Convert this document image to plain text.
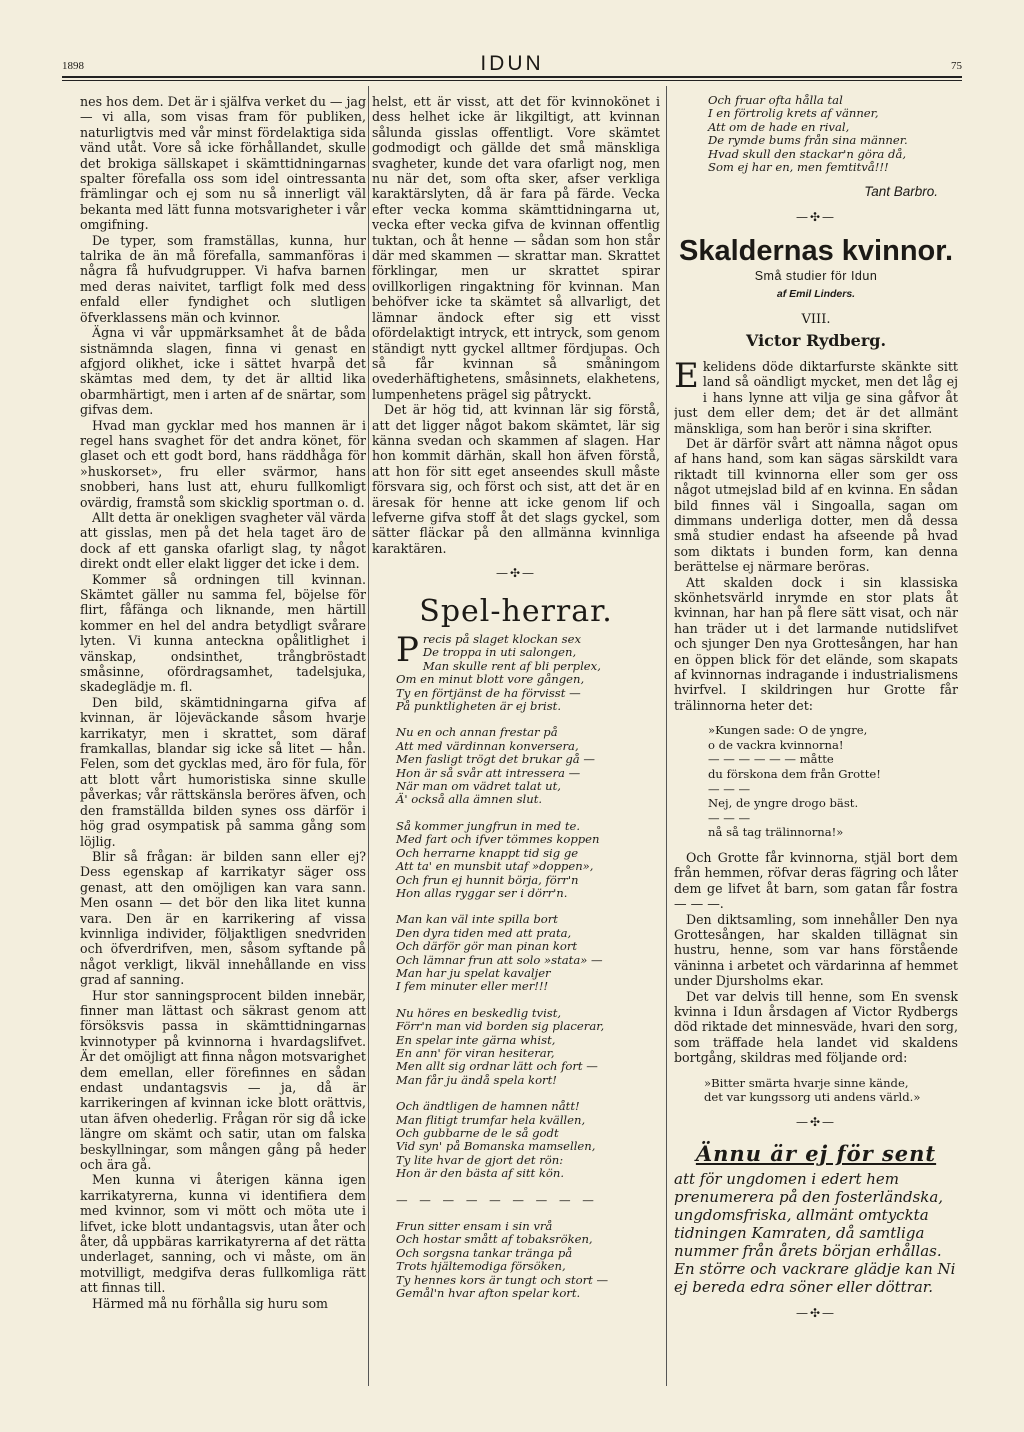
1898	IDUN	75

nes hos dem. Det är i själfva verket du — jag — vi alla, som visas fram för publiken, naturligtvis med vår minst fördelaktiga sida vänd utåt. Vore så icke förhållandet, skulle det brokiga sällskapet i skämttidningarnas spalter förefalla oss som idel ointressanta främlingar och ej som nu så innerligt väl bekanta med lätt funna motsvarigheter i vår omgifning.

De typer, som framställas, kunna, hur talrika de än må förefalla, sammanföras i några få hufvudgrupper. Vi hafva barnen med deras naivitet, tarfligt folk med dess enfald eller fyndighet och slutligen öfverklassens män och kvinnor.

Ägna vi vår uppmärksamhet åt de båda sistnämnda slagen, finna vi genast en afgjord olikhet, icke i sättet hvarpå det skämtas med dem, ty det är alltid lika obarmhärtigt, men i arten af de snärtar, som gifvas dem.

Hvad man gycklar med hos mannen är i regel hans svaghet för det andra könet, för glaset och ett godt bord, hans räddhåga för »huskorset», fru eller svärmor, hans snobberi, hans lust att, ehuru fullkomligt ovärdig, framstå som skicklig sportman o. d.

Allt detta är onekligen svagheter väl värda att gisslas, men på det hela taget äro de dock af ett ganska ofarligt slag, ty något direkt ondt eller elakt ligger det icke i dem.

Kommer så ordningen till kvinnan. Skämtet gäller nu samma fel, böjelse för flirt, fåfänga och liknande, men härtill kommer en hel del andra betydligt svårare lyten. Vi kunna anteckna opålitlighet i vänskap, ondsinthet, trångbröstadt småsinne, ofördragsamhet, tadelsjuka, skadeglädje m. fl.

Den bild, skämtidningarna gifva af kvinnan, är löjeväckande såsom hvarje karrikatyr, men i skrattet, som däraf framkallas, blandar sig icke så litet — hån. Felen, som det gycklas med, äro för fula, för att blott vårt humoristiska sinne skulle påverkas; vår rättskänsla beröres äfven, och den framställda bilden synes oss därför i hög grad osympatisk på samma gång som löjlig.

Blir så frågan: är bilden sann eller ej? Dess egenskap af karrikatyr säger oss genast, att den omöjligen kan vara sann. Men osann — det bör den lika litet kunna vara. Den är en karrikering af vissa kvinnliga individer, följaktligen snedvriden och öfverdrifven, men, såsom syftande på något verkligt, likväl innehållande en viss grad af sanning.

Hur stor sanningsprocent bilden innebär, finner man lättast och säkrast genom att försöksvis passa in skämttidningarnas kvinnotyper på kvinnorna i hvardagslifvet. Är det omöjligt att finna någon motsvarighet dem emellan, eller förefinnes en sådan endast undantagsvis — ja, då är karrikeringen af kvinnan icke blott orättvis, utan äfven ohederlig. Frågan rör sig då icke längre om skämt och satir, utan om falska beskyllningar, som mången gång på heder och ära gå.

Men kunna vi återigen känna igen karrikatyrerna, kunna vi identifiera dem med kvinnor, som vi mött och möta ute i lifvet, icke blott undantagsvis, utan åter och åter, då uppbäras karrikatyrerna af det rätta underlaget, sanning, och vi måste, om än motvilligt, medgifva deras fullkomliga rätt att finnas till.

Härmed må nu förhålla sig huru som

helst, ett är visst, att det för kvinnokönet i dess helhet icke är likgiltigt, att kvinnan sålunda gisslas offentligt. Vore skämtet godmodigt och gällde det små mänskliga svagheter, kunde det vara ofarligt nog, men nu när det, som ofta sker, afser verkliga karaktärslyten, då är fara på färde. Vecka efter vecka komma skämttidningarna ut, vecka efter vecka gifva de kvinnan offentlig tuktan, och åt henne — sådan som hon står där med skammen — skrattar man. Skrattet förklingar, men ur skrattet spirar ovillkorligen ringaktning för kvinnan. Man behöfver icke ta skämtet så allvarligt, det lämnar ändock efter sig ett visst ofördelaktigt intryck, ett intryck, som genom ständigt nytt gyckel alltmer fördjupas. Och så får kvinnan så småningom ovederhäftighetens, småsinnets, elakhetens, lumpenhetens prägel sig påtryckt.

Det är hög tid, att kvinnan lär sig förstå, att det ligger något bakom skämtet, lär sig känna svedan och skammen af slagen. Har hon kommit därhän, skall hon äfven förstå, att hon för sitt eget anseendes skull måste försvara sig, och först och sist, att det är en äresak för henne att icke genom lif och lefverne gifva stoff åt det slags gyckel, som sätter fläckar på den allmänna kvinnliga karaktären.

—✣—
Spel-herrar.
P recis på slaget klockan sex
De troppa in uti salongen,
Man skulle rent af bli perplex,
Om en minut blott vore gången,
Ty en förtjänst de ha förvisst —
På punktligheten är ej brist.
Nu en och annan frestar på
Att med värdinnan konversera,
Men fasligt trögt det brukar gå —
Hon är så svår att intressera —
När man om vädret talat ut,
Ä' också alla ämnen slut.
Så kommer jungfrun in med te.
Med fart och ifver tömmes koppen
Och herrarne knappt tid sig ge
Att ta' en munsbit utaf »doppen»,
Och frun ej hunnit börja, förr'n
Hon allas ryggar ser i dörr'n.
Man kan väl inte spilla bort
Den dyra tiden med att prata,
Och därför gör man pinan kort
Och lämnar frun att solo »stata» —
Man har ju spelat kavaljer
I fem minuter eller mer!!!
Nu höres en beskedlig tvist,
Förr'n man vid borden sig placerar,
En spelar inte gärna whist,
En ann' för viran hesiterar,
Men allt sig ordnar lätt och fort —
Man får ju ändå spela kort!
Och ändtligen de hamnen nått!
Man flitigt trumfar hela kvällen,
Och gubbarne de le så godt
Vid syn' på Bomanska mamsellen,
Ty lite hvar de gjort det rön:
Hon är den bästa af sitt kön.
— — — — — — — — —
Frun sitter ensam i sin vrå
Och hostar smått af tobaksröken,
Och sorgsna tankar tränga på
Trots hjältemodiga försöken,
Ty hennes kors är tungt och stort —
Gemål'n hvar afton spelar kort.
Och fruar ofta hålla tal
I en förtrolig krets af vänner,
Att om de hade en rival,
De rymde bums från sina männer.
Hvad skull den stackar'n göra då,
Som ej har en, men femtitvå!!!
Tant Barbro.
—✣—
Skaldernas kvinnor.
Små studier för Idun
af Emil Linders.
VIII.
Victor Rydberg.

Ekelidens döde diktarfurste skänkte sitt land så oändligt mycket, men det låg ej i hans lynne att vilja ge sina gåfvor åt just dem eller dem; det är det allmänt mänskliga, som han berör i sina skrifter.

Det är därför svårt att nämna något opus af hans hand, som kan sägas särskildt vara riktadt till kvinnorna eller som ger oss något utmejslad bild af en kvinna. En sådan bild finnes väl i Singoalla, sagan om dimmans underliga dotter, men då dessa små studier endast ha afseende på hvad som diktats i bunden form, kan denna berättelse ej närmare beröras.

Att skalden dock i sin klassiska skönhetsvärld inrymde en stor plats åt kvinnan, har han på flere sätt visat, och när han träder ut i det larmande nutidslifvet och sjunger Den nya Grottesången, har han en öppen blick för det elände, som skapats af kvinnornas indragande i industrialismens hvirfvel. I skildringen hur Grotte får trälinnorna heter det:

»Kungen sade: O de yngre,
o de vackra kvinnorna!
— — — — — — måtte
du förskona dem från Grotte!
— — —
Nej, de yngre drogo bäst.
— — —
nå så tag trälinnorna!»

Och Grotte får kvinnorna, stjäl bort dem från hemmen, röfvar deras fägring och låter dem ge lifvet åt barn, som gatan får fostra — — —.

Den diktsamling, som innehåller Den nya Grottesången, har skalden tillägnat sin hustru, henne, som var hans förstående väninna i arbetet och värdarinna af hemmet under Djursholms ekar.

Det var delvis till henne, som En svensk kvinna i Idun årsdagen af Victor Rydbergs död riktade det minnesväde, hvari den sorg, som träffade hela landet vid skaldens bortgång, skildras med följande ord:

»Bitter smärta hvarje sinne kände,
det var kungssorg uti andens värld.»
—✣—
Ännu är ej för sent
att för ungdomen i edert hem prenumerera på den fosterländska, ungdomsfriska, allmänt omtyckta tidningen Kamraten, då samtliga nummer från årets början erhållas. En större och vackrare glädje kan Ni ej bereda edra söner eller döttrar.
—✣—
